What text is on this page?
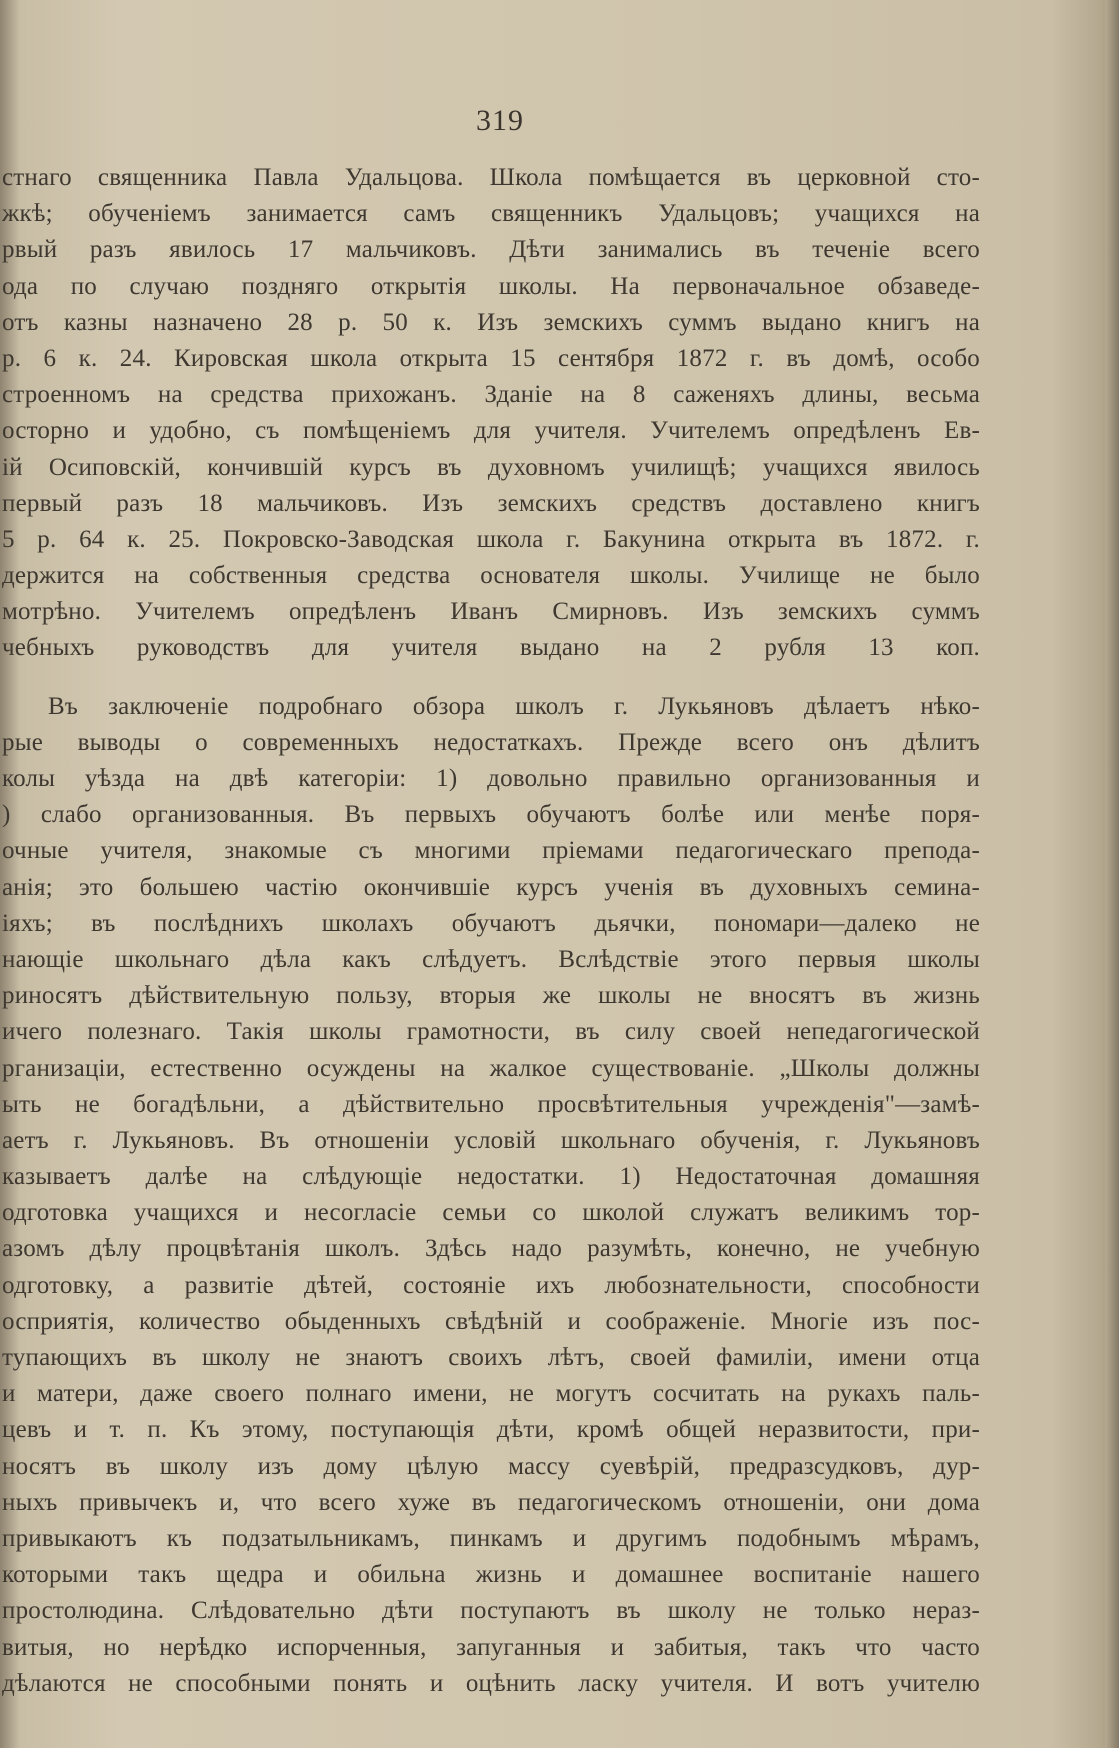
319
стнаго священника Павла Удальцова. Школа помѣщается въ церковной сто-
жкѣ; обученiемъ занимается самъ священникъ Удальцовъ; учащихся на
рвый разъ явилось 17 мальчиковъ. Дѣти занимались въ теченiе всего
ода по случаю поздняго открытiя школы. На первоначальное обзаведе-
отъ казны назначено 28 р. 50 к. Изъ земскихъ суммъ выдано книгъ на
р. 6 к. 24. Кировская школа открыта 15 сентября 1872 г. въ домѣ, особо
строенномъ на средства прихожанъ. Зданiе на 8 саженяхъ длины, весьма
осторно и удобно, съ помѣщенiемъ для учителя. Учителемъ опредѣленъ Ев-
iй Осиповскiй, кончившiй курсъ въ духовномъ училищѣ; учащихся явилось
первый разъ 18 мальчиковъ. Изъ земскихъ средствъ доставлено книгъ
5 р. 64 к. 25. Покровско-Заводская школа г. Бакунина открыта въ 1872. г.
держится на собственныя средства основателя школы. Училище не было
мотрѣно. Учителемъ опредѣленъ Иванъ Смирновъ. Изъ земскихъ суммъ
чебныхъ руководствъ для учителя выдано на 2 рубля 13 коп.
Въ заключенiе подробнаго обзора школъ г. Лукьяновъ дѣлаетъ нѣко-
рые выводы о современныхъ недостаткахъ. Прежде всего онъ дѣлитъ
колы уѣзда на двѣ категорiи: 1) довольно правильно организованныя и
) слабо организованныя. Въ первыхъ обучаютъ болѣе или менѣе поря-
очные учителя, знакомые съ многими прiемами педагогическаго препода-
анiя; это большею частiю окончившiе курсъ ученiя въ духовныхъ семина-
iяхъ; въ послѣднихъ школахъ обучаютъ дьячки, пономари—далеко не
нающiе школьнаго дѣла какъ слѣдуетъ. Вслѣдствiе этого первыя школы
риносятъ дѣйствительную пользу, вторыя же школы не вносятъ въ жизнь
ичего полезнаго. Такiя школы грамотности, въ силу своей непедагогической
рганизацiи, естественно осуждены на жалкое существованiе. „Школы должны
ыть не богадѣльни, а дѣйствительно просвѣтительныя учрежденiя"—замѣ-
аетъ г. Лукьяновъ. Въ отношенiи условiй школьнаго обученiя, г. Лукьяновъ
казываетъ далѣе на слѣдующiе недостатки. 1) Недостаточная домашняя
одготовка учащихся и несогласiе семьи со школой служатъ великимъ тор-
азомъ дѣлу процвѣтанiя школъ. Здѣсь надо разумѣть, конечно, не учебную
одготовку, а развитiе дѣтей, состоянiе ихъ любознательности, способности
осприятiя, количество обыденныхъ свѣдѣнiй и соображенiе. Многiе изъ пос-
тупающихъ въ школу не знаютъ своихъ лѣтъ, своей фамилiи, имени отца
и матери, даже своего полнаго имени, не могутъ сосчитать на рукахъ паль-
цевъ и т. п. Къ этому, поступающiя дѣти, кромѣ общей неразвитости, при-
носятъ въ школу изъ дому цѣлую массу суевѣрiй, предразсудковъ, дур-
ныхъ привычекъ и, что всего хуже въ педагогическомъ отношенiи, они дома
привыкаютъ къ подзатыльникамъ, пинкамъ и другимъ подобнымъ мѣрамъ,
которыми такъ щедра и обильна жизнь и домашнее воспитанiе нашего
простолюдина. Слѣдовательно дѣти поступаютъ въ школу не только нераз-
витыя, но нерѣдко испорченныя, запуганныя и забитыя, такъ что часто
дѣлаются не способными понять и оцѣнить ласку учителя. И вотъ учителю
